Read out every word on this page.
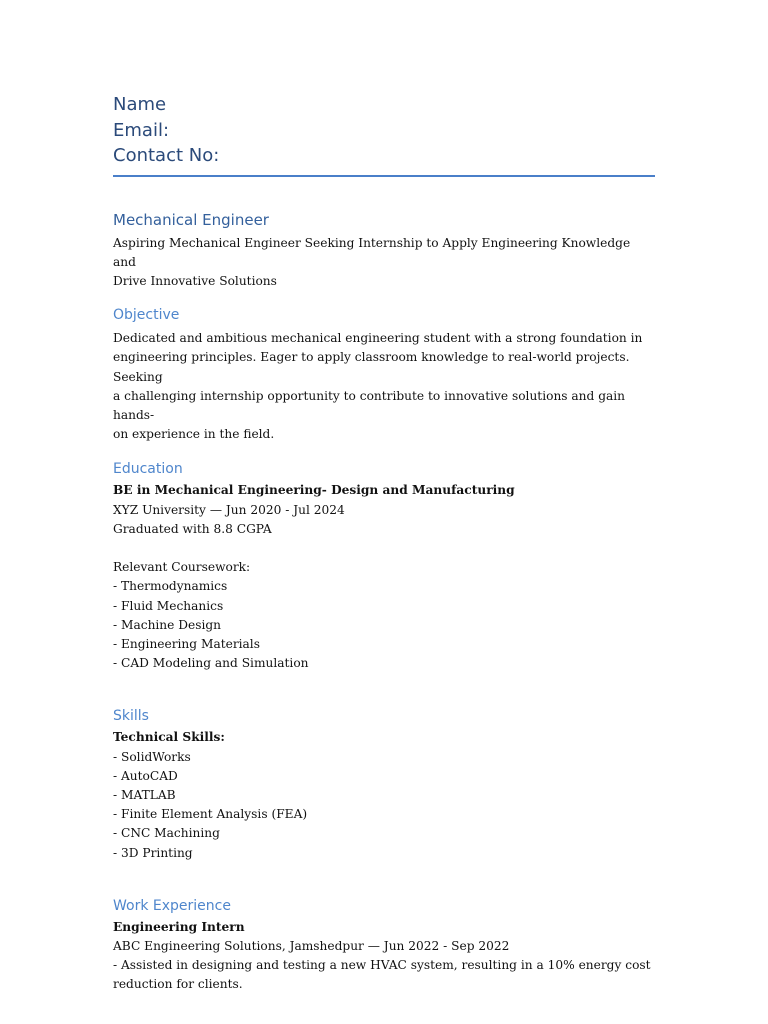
Name
Email:
Contact No:
Mechanical Engineer
Aspiring Mechanical Engineer Seeking Internship to Apply Engineering Knowledge and
Drive Innovative Solutions
Objective
Dedicated and ambitious mechanical engineering student with a strong foundation in
engineering principles. Eager to apply classroom knowledge to real-world projects. Seeking
a challenging internship opportunity to contribute to innovative solutions and gain hands-
on experience in the field.
Education
BE in Mechanical Engineering- Design and Manufacturing
XYZ University — Jun 2020 - Jul 2024
Graduated with 8.8 CGPA
Relevant Coursework:
- Thermodynamics
- Fluid Mechanics
- Machine Design
- Engineering Materials
- CAD Modeling and Simulation
Skills
Technical Skills:
- SolidWorks
- AutoCAD
- MATLAB
- Finite Element Analysis (FEA)
- CNC Machining
- 3D Printing
Work Experience
Engineering Intern
ABC Engineering Solutions, Jamshedpur — Jun 2022 - Sep 2022
- Assisted in designing and testing a new HVAC system, resulting in a 10% energy cost
reduction for clients.
